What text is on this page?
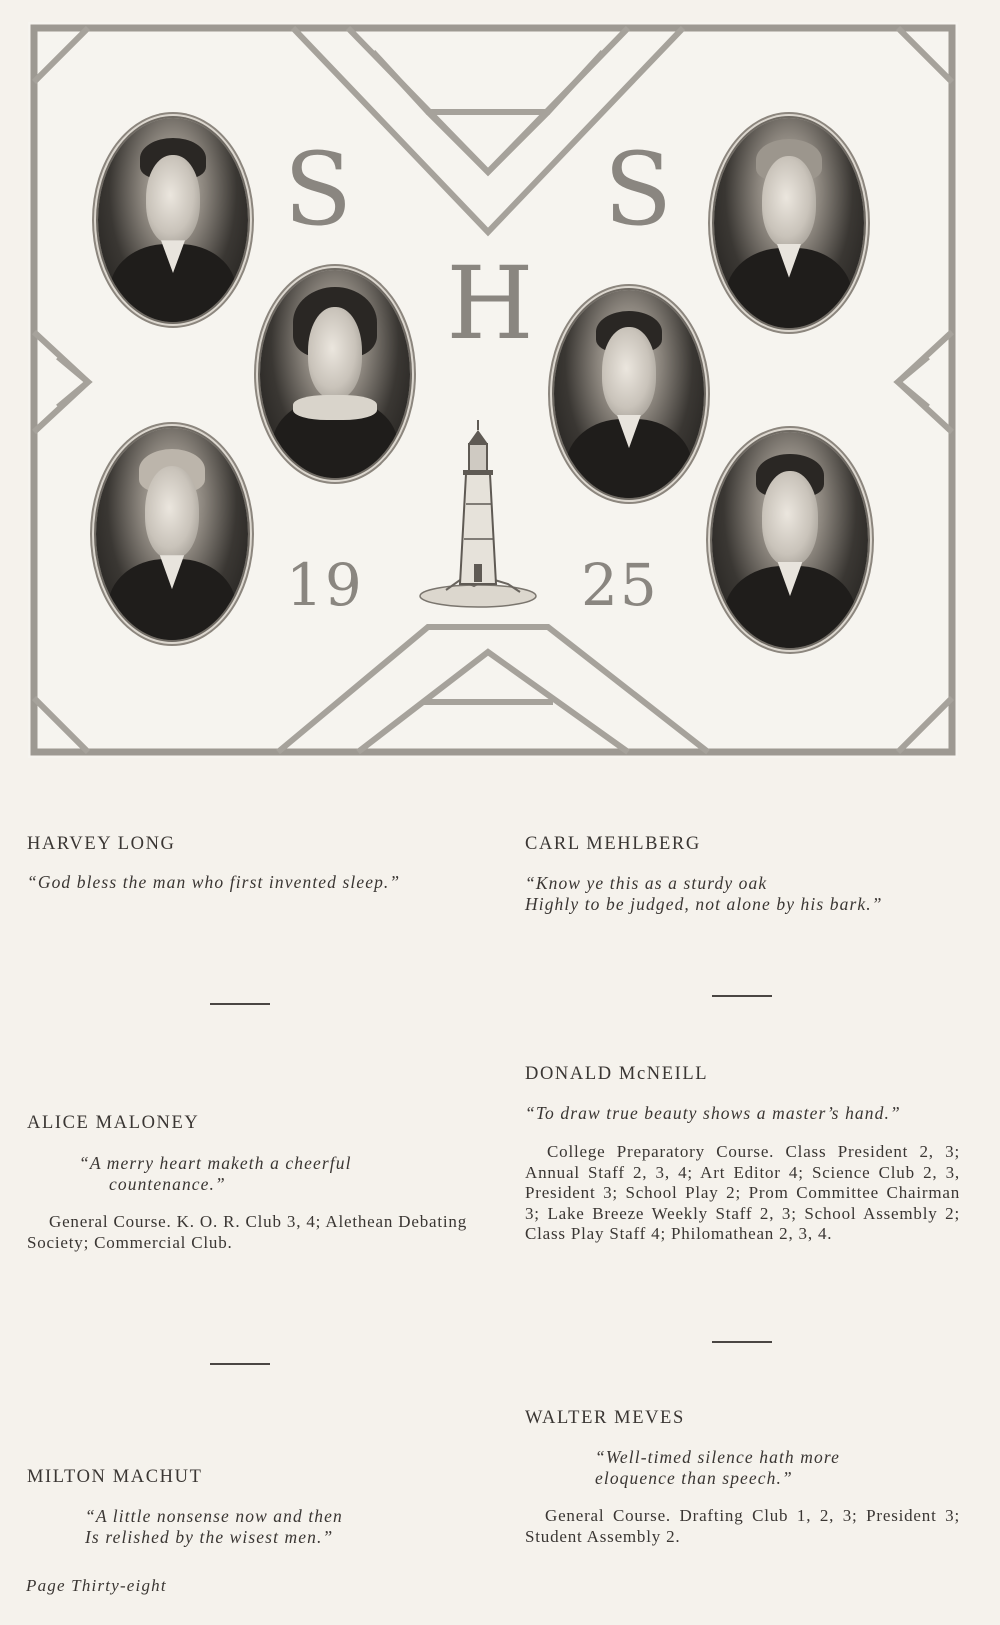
S	S
H
19	25

HARVEY LONG

“God bless the man who first invented sleep.”

CARL MEHLBERG

“Know ye this as a sturdy oak

Highly to be judged, not alone by his bark.”

DONALD McNEILL

“To draw true beauty shows a master’s hand.”

College Preparatory Course. Class President 2, 3; Annual Staff 2, 3, 4; Art Editor 4; Science Club 2, 3, President 3; School Play 2; Prom Committee Chairman 3; Lake Breeze Weekly Staff 2, 3; School Assembly 2; Class Play Staff 4; Philomathean 2, 3, 4.

ALICE MALONEY

“A merry heart maketh a cheerful

countenance.”

General Course. K. O. R. Club 3, 4; Alethean Debating Society; Commercial Club.

WALTER MEVES

“Well-timed silence hath more

eloquence than speech.”

General Course. Drafting Club 1, 2, 3; President 3; Student Assembly 2.

MILTON MACHUT

“A little nonsense now and then

Is relished by the wisest men.”

Page Thirty-eight
